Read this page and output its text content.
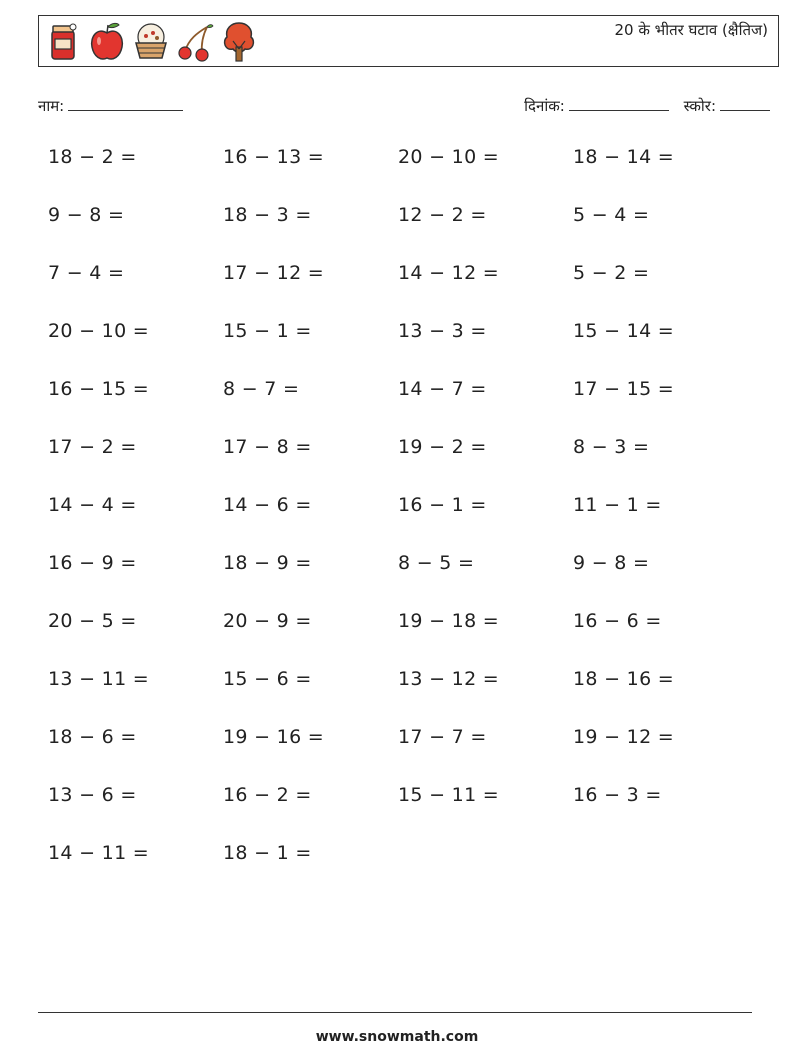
20 के भीतर घटाव (क्षैतिज)
नाम:	दिनांक:	स्कोर:
18 − 2 =	16 − 13 =	20 − 10 =	18 − 14 =
9 − 8 =	18 − 3 =	12 − 2 =	5 − 4 =
7 − 4 =	17 − 12 =	14 − 12 =	5 − 2 =
20 − 10 =	15 − 1 =	13 − 3 =	15 − 14 =
16 − 15 =	8 − 7 =	14 − 7 =	17 − 15 =
17 − 2 =	17 − 8 =	19 − 2 =	8 − 3 =
14 − 4 =	14 − 6 =	16 − 1 =	11 − 1 =
16 − 9 =	18 − 9 =	8 − 5 =	9 − 8 =
20 − 5 =	20 − 9 =	19 − 18 =	16 − 6 =
13 − 11 =	15 − 6 =	13 − 12 =	18 − 16 =
18 − 6 =	19 − 16 =	17 − 7 =	19 − 12 =
13 − 6 =	16 − 2 =	15 − 11 =	16 − 3 =
14 − 11 =	18 − 1 =
www.snowmath.com
